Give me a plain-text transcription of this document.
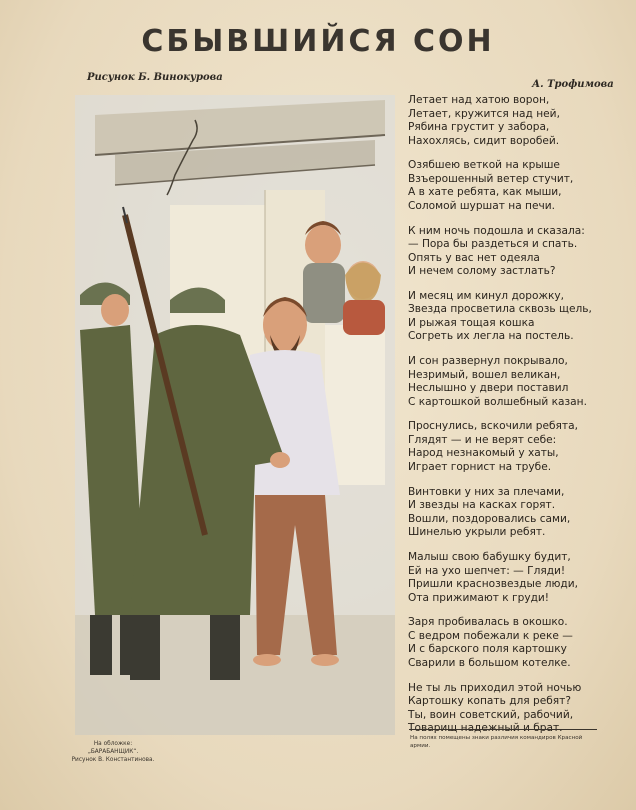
СБЫВШИЙСЯ СОН
Рисунок Б. Винокурова
А. Трофимова
Летает над хатою ворон,
Летает, кружится над ней,
Рябина грустит у забора,
Нахохлясь, сидит воробей.
Озябшею веткой на крыше
Взъерошенный ветер стучит,
А в хате ребята, как мыши,
Соломой шуршат на печи.
К ним ночь подошла и сказала:
— Пора бы раздеться и спать.
Опять у вас нет одеяла
И нечем солому застлать?
И месяц им кинул дорожку,
Звезда просветила сквозь щель,
И рыжая тощая кошка
Согреть их легла на постель.
И сон развернул покрывало,
Незримый, вошел великан,
Неслышно у двери поставил
С картошкой волшебный казан.
Проснулись, вскочили ребята,
Глядят — и не верят себе:
Народ незнакомый у хаты,
Играет горнист на трубе.
Винтовки у них за плечами,
И звезды на касках горят.
Вошли, поздоровались сами,
Шинелью укрыли ребят.
Малыш свою бабушку будит,
Ей на ухо шепчет: — Гляди!
Пришли краснозвездые люди,
Ота прижимают к груди!
Заря пробивалась в окошко.
С ведром побежали к реке —
И с барского поля картошку
Сварили в большом котелке.
Не ты ль приходил этой ночью
Картошку копать для ребят?
Ты, воин советский, рабочий,
На полях помещены знаки различия командиров Красной армии.
На обложке:
„БАРАБАНЩИК“.
Рисунок В. Константинова.
